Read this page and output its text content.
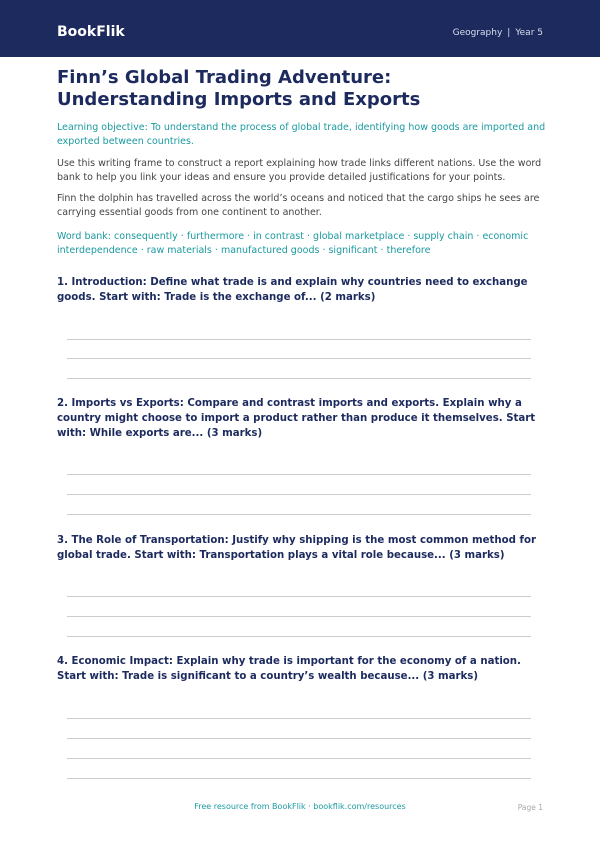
BookFlik	Geography | Year 5
Finn’s Global Trading Adventure: Understanding Imports and Exports

Learning objective: To understand the process of global trade, identifying how goods are imported and exported between countries.

Use this writing frame to construct a report explaining how trade links different nations. Use the word bank to help you link your ideas and ensure you provide detailed justifications for your points.

Finn the dolphin has travelled across the world’s oceans and noticed that the cargo ships he sees are carrying essential goods from one continent to another.

Word bank: consequently · furthermore · in contrast · global marketplace · supply chain · economic interdependence · raw materials · manufactured goods · significant · therefore

1. Introduction: Define what trade is and explain why countries need to exchange goods. Start with: Trade is the exchange of... (2 marks)

2. Imports vs Exports: Compare and contrast imports and exports. Explain why a country might choose to import a product rather than produce it themselves. Start with: While exports are... (3 marks)

3. The Role of Transportation: Justify why shipping is the most common method for global trade. Start with: Transportation plays a vital role because... (3 marks)

4. Economic Impact: Explain why trade is important for the economy of a nation. Start with: Trade is significant to a country’s wealth because... (3 marks)

Free resource from BookFlik · bookflik.com/resources	Page 1
